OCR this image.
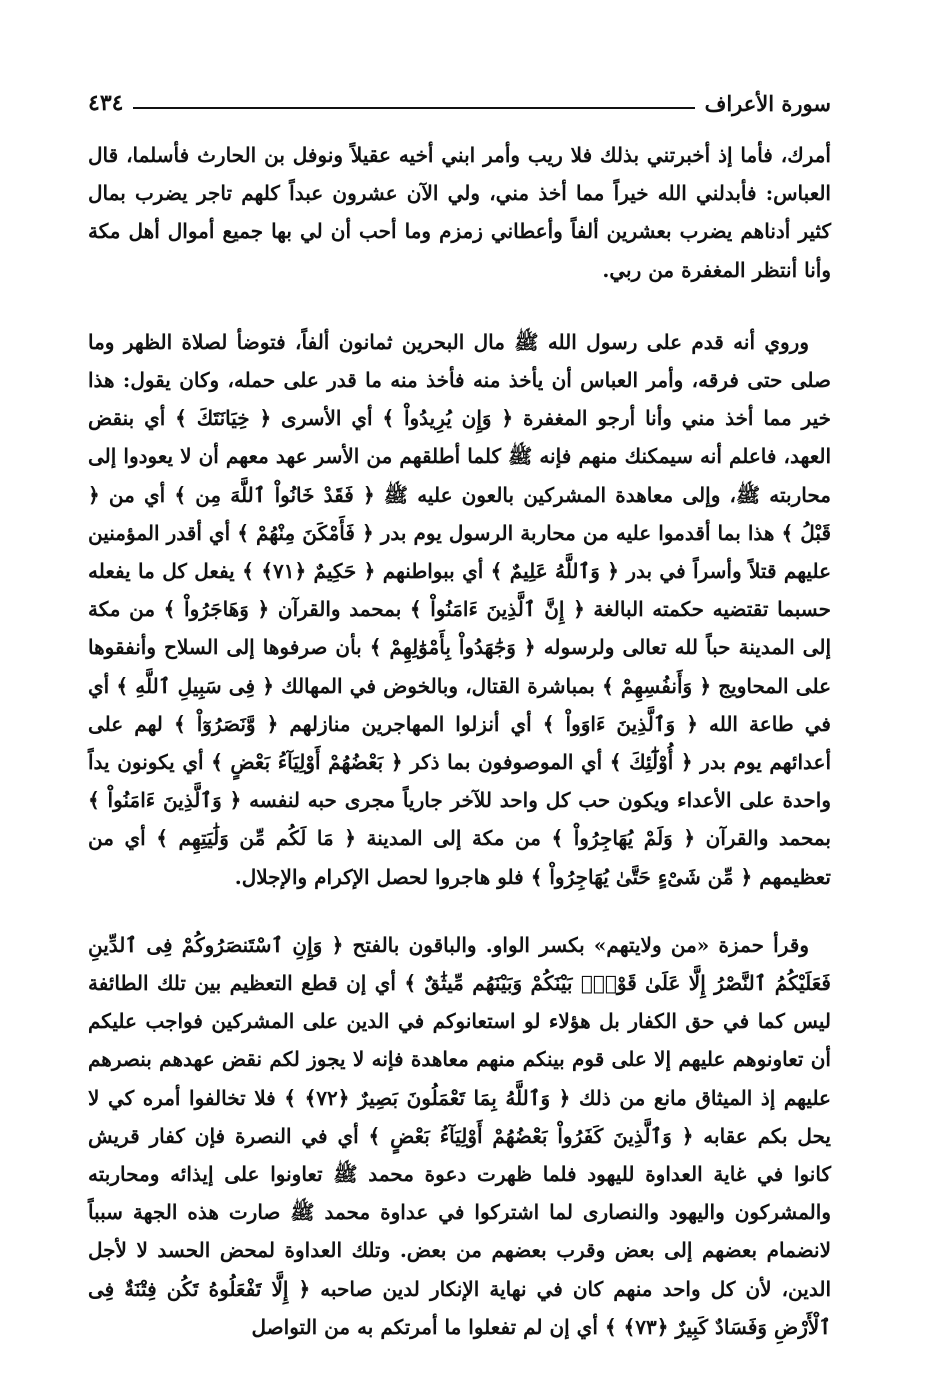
سورة الأعراف
٤٣٤

أمرك، فأما إذ أخبرتني بذلك فلا ريب وأمر ابني أخيه عقيلاً ونوفل بن الحارث فأسلما، قال العباس: فأبدلني الله خيراً مما أخذ مني، ولي الآن عشرون عبداً كلهم تاجر يضرب بمال كثير أدناهم يضرب بعشرين ألفاً وأعطاني زمزم وما أحب أن لي بها جميع أموال أهل مكة وأنا أنتظر المغفرة من ربي.

وروي أنه قدم على رسول الله ﷺ مال البحرين ثمانون ألفاً، فتوضأ لصلاة الظهر وما صلى حتى فرقه، وأمر العباس أن يأخذ منه فأخذ منه ما قدر على حمله، وكان يقول: هذا خير مما أخذ مني وأنا أرجو المغفرة ﴿ وَإِن يُرِيدُواْ ﴾ أي الأسرى ﴿ خِيَانَتَكَ ﴾ أي بنقض العهد، فاعلم أنه سيمكنك منهم فإنه ﷺ كلما أطلقهم من الأسر عهد معهم أن لا يعودوا إلى محاربته ﷺ، وإلى معاهدة المشركين بالعون عليه ﷺ ﴿ فَقَدْ خَانُواْ ٱللَّهَ مِن ﴾ أي من ﴿ قَبْلُ ﴾ هذا بما أقدموا عليه من محاربة الرسول يوم بدر ﴿ فَأَمْكَنَ مِنْهُمْ ﴾ أي أقدر المؤمنين عليهم قتلاً وأسراً في بدر ﴿ وَٱللَّهُ عَلِيمٌ ﴾ أي ببواطنهم ﴿ حَكِيمٌ ﴿٧١﴾ ﴾ يفعل كل ما يفعله حسبما تقتضيه حكمته البالغة ﴿ إِنَّ ٱلَّذِينَ ءَامَنُواْ ﴾ بمحمد والقرآن ﴿ وَهَاجَرُواْ ﴾ من مكة إلى المدينة حباً لله تعالى ولرسوله ﴿ وَجَٰهَدُواْ بِأَمْوَٰلِهِمْ ﴾ بأن صرفوها إلى السلاح وأنفقوها على المحاويج ﴿ وَأَنفُسِهِمْ ﴾ بمباشرة القتال، وبالخوض في المهالك ﴿ فِى سَبِيلِ ٱللَّهِ ﴾ أي في طاعة الله ﴿ وَٱلَّذِينَ ءَاوَواْ ﴾ أي أنزلوا المهاجرين منازلهم ﴿ وَّنَصَرُوٓاْ ﴾ لهم على أعدائهم يوم بدر ﴿ أُوْلَٰٓئِكَ ﴾ أي الموصوفون بما ذكر ﴿ بَعْضُهُمْ أَوْلِيَآءُ بَعْضٍ ﴾ أي يكونون يداً واحدة على الأعداء ويكون حب كل واحد للآخر جارياً مجرى حبه لنفسه ﴿ وَٱلَّذِينَ ءَامَنُواْ ﴾ بمحمد والقرآن ﴿ وَلَمْ يُهَاجِرُواْ ﴾ من مكة إلى المدينة ﴿ مَا لَكُم مِّن وَلَٰيَتِهِم ﴾ أي من تعظيمهم ﴿ مِّن شَىْءٍ حَتَّىٰ يُهَاجِرُواْ ﴾ فلو هاجروا لحصل الإكرام والإجلال.

وقرأ حمزة «من ولايتهم» بكسر الواو. والباقون بالفتح ﴿ وَإِنِ ٱسْتَنصَرُوكُمْ فِى ٱلدِّينِ فَعَلَيْكُمُ ٱلنَّصْرُ إِلَّا عَلَىٰ قَوْمٍۭ بَيْنَكُمْ وَبَيْنَهُم مِّيثَٰقٌ ﴾ أي إن قطع التعظيم بين تلك الطائفة ليس كما في حق الكفار بل هؤلاء لو استعانوكم في الدين على المشركين فواجب عليكم أن تعاونوهم عليهم إلا على قوم بينكم منهم معاهدة فإنه لا يجوز لكم نقض عهدهم بنصرهم عليهم إذ الميثاق مانع من ذلك ﴿ وَٱللَّهُ بِمَا تَعْمَلُونَ بَصِيرٌ ﴿٧٢﴾ ﴾ فلا تخالفوا أمره كي لا يحل بكم عقابه ﴿ وَٱلَّذِينَ كَفَرُواْ بَعْضُهُمْ أَوْلِيَآءُ بَعْضٍ ﴾ أي في النصرة فإن كفار قريش كانوا في غاية العداوة لليهود فلما ظهرت دعوة محمد ﷺ تعاونوا على إيذائه ومحاربته والمشركون واليهود والنصارى لما اشتركوا في عداوة محمد ﷺ صارت هذه الجهة سبباً لانضمام بعضهم إلى بعض وقرب بعضهم من بعض. وتلك العداوة لمحض الحسد لا لأجل الدين، لأن كل واحد منهم كان في نهاية الإنكار لدين صاحبه ﴿ إِلَّا تَفْعَلُوهُ تَكُن فِتْنَةٌ فِى ٱلْأَرْضِ وَفَسَادٌ كَبِيرٌ ﴿٧٣﴾ ﴾ أي إن لم تفعلوا ما أمرتكم به من التواصل
